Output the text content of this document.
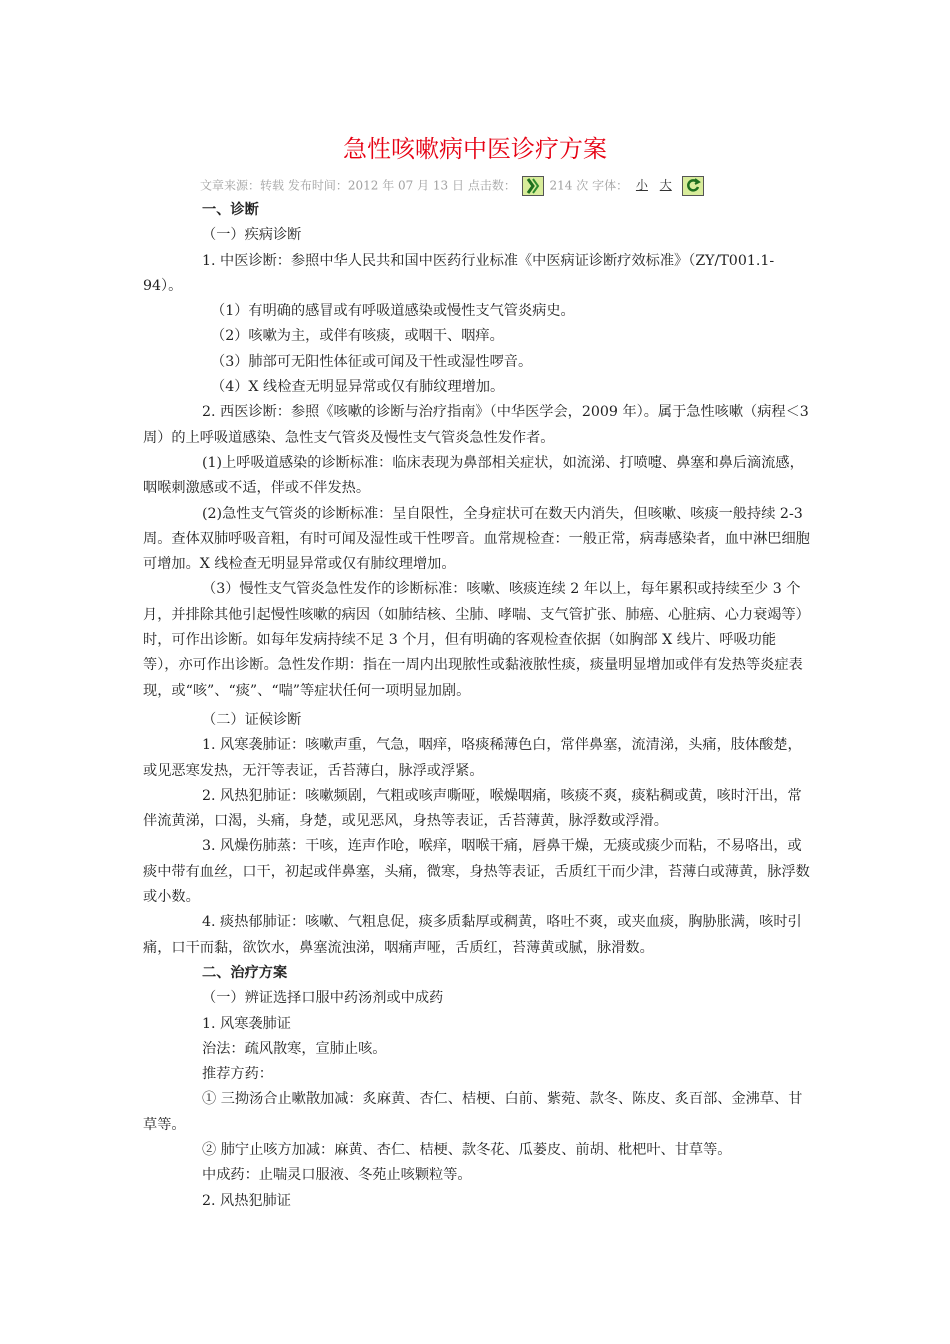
急性咳嗽病中医诊疗方案
文章来源：转载 发布时间：2012 年 07 月 13 日 点击数：	214 次 字体： 小 大

一、诊断

（一）疾病诊断

1. 中医诊断：参照中华人民共和国中医药行业标准《中医病证诊断疗效标准》（ZY/T001.1-94）。

（1）有明确的感冒或有呼吸道感染或慢性支气管炎病史。

（2）咳嗽为主，或伴有咳痰，或咽干、咽痒。

（3）肺部可无阳性体征或可闻及干性或湿性啰音。

（4）X 线检查无明显异常或仅有肺纹理增加。

2. 西医诊断：参照《咳嗽的诊断与治疗指南》（中华医学会，2009 年）。属于急性咳嗽（病程＜3 周）的上呼吸道感染、急性支气管炎及慢性支气管炎急性发作者。

(1)上呼吸道感染的诊断标准：临床表现为鼻部相关症状，如流涕、打喷嚏、鼻塞和鼻后滴流感，咽喉刺激感或不适，伴或不伴发热。

(2)急性支气管炎的诊断标准：呈自限性，全身症状可在数天内消失，但咳嗽、咳痰一般持续 2-3 周。查体双肺呼吸音粗，有时可闻及湿性或干性啰音。血常规检查：一般正常，病毒感染者，血中淋巴细胞可增加。X 线检查无明显异常或仅有肺纹理增加。

（3）慢性支气管炎急性发作的诊断标准：咳嗽、咳痰连续 2 年以上，每年累积或持续至少 3 个月，并排除其他引起慢性咳嗽的病因（如肺结核、尘肺、哮喘、支气管扩张、肺癌、心脏病、心力衰竭等）时，可作出诊断。如每年发病持续不足 3 个月，但有明确的客观检查依据（如胸部 X 线片、呼吸功能等），亦可作出诊断。急性发作期：指在一周内出现脓性或黏液脓性痰，痰量明显增加或伴有发热等炎症表现，或“咳”、“痰”、“喘”等症状任何一项明显加剧。

（二）证候诊断

1. 风寒袭肺证：咳嗽声重，气急，咽痒，咯痰稀薄色白，常伴鼻塞，流清涕，头痛，肢体酸楚，或见恶寒发热，无汗等表证，舌苔薄白，脉浮或浮紧。

2. 风热犯肺证：咳嗽频剧，气粗或咳声嘶哑，喉燥咽痛，咳痰不爽，痰粘稠或黄，咳时汗出，常伴流黄涕，口渴，头痛，身楚，或见恶风，身热等表证，舌苔薄黄，脉浮数或浮滑。

3. 风燥伤肺蒸：干咳，连声作呛，喉痒，咽喉干痛，唇鼻干燥，无痰或痰少而粘，不易咯出，或痰中带有血丝，口干，初起或伴鼻塞，头痛，微寒，身热等表证，舌质红干而少津，苔薄白或薄黄，脉浮数或小数。

4. 痰热郁肺证：咳嗽、气粗息促，痰多质黏厚或稠黄，咯吐不爽，或夹血痰，胸胁胀满，咳时引痛，口干而黏，欲饮水，鼻塞流浊涕，咽痛声哑，舌质红，苔薄黄或腻，脉滑数。

二、治疗方案

（一）辨证选择口服中药汤剂或中成药

1. 风寒袭肺证

治法：疏风散寒，宣肺止咳。

推荐方药：

① 三拗汤合止嗽散加减：炙麻黄、杏仁、桔梗、白前、紫菀、款冬、陈皮、炙百部、金沸草、甘草等。

② 肺宁止咳方加减：麻黄、杏仁、桔梗、款冬花、瓜蒌皮、前胡、枇杷叶、甘草等。

中成药：止喘灵口服液、冬苑止咳颗粒等。

2. 风热犯肺证
